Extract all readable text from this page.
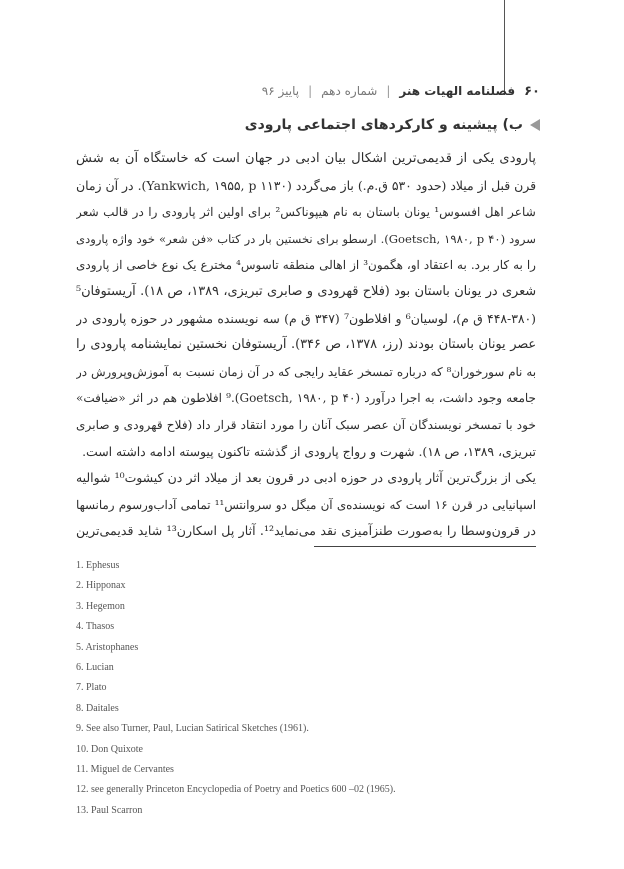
۶۰
فصلنامه الهیات هنر
|
شماره دهم
|
پاییز ۹۶
ب) پیشینه و کارکردهای اجتماعی پارودی
پارودی یکی از قدیمی‌ترین اشکال بیان ادبی در جهان است که خاستگاه آن به شش
قرن قبل از میلاد (حدود ۵۳۰ ق.م.) باز می‌گردد (Yankwich, ۱۹۵۵, p ۱۱۳۰). در آن زمان
شاعر اهل افسوس¹ یونان باستان به نام هیپوناکس² برای اولین اثر پارودی را در قالب شعر
سرود (Goetsch, ۱۹۸۰, p ۴۰). ارسطو برای نخستین بار در کتاب «فن شعر» خود واژه پارودی
را به کار برد. به اعتقاد او، هگمون³ از اهالی منطقه تاسوس⁴ مخترع یک نوع خاصی از پارودی
شعری در یونان باستان بود (فلاح قهرودی و صابری تبریزی، ۱۳۸۹، ص ۱۸). آریستوفان⁵
(۴۴۸-۳۸۰ ق م)، لوسیان⁶ و افلاطون⁷ (۳۴۷ ق م) سه نویسنده مشهور در حوزه پارودی در
عصر یونان باستان بودند (رز، ۱۳۷۸، ص ۳۴۶). آریستوفان نخستین نمایشنامه پارودی را
به نام سورخوران⁸ که درباره تمسخر عقاید رایجی که در آن زمان نسبت به آموزش‌وپرورش در
جامعه وجود داشت، به اجرا درآورد (Goetsch, ۱۹۸۰, p ۴۰).⁹ افلاطون هم در اثر «ضیافت»
خود با تمسخر نویسندگان آن عصر سبک آنان را مورد انتقاد قرار داد (فلاح قهرودی و صابری
تبریزی، ۱۳۸۹، ص ۱۸). شهرت و رواج پارودی از گذشته تاکنون پیوسته ادامه داشته است.
یکی از بزرگ‌ترین آثار پارودی در حوزه ادبی در قرون بعد از میلاد اثر دن کیشوت¹⁰ شوالیه
اسپانیایی در قرن ۱۶ است که نویسنده‌ی آن میگل دو سروانتس¹¹ تمامی آداب‌ورسوم رمانسها
در قرون‌وسطا را به‌صورت طنزآمیزی نقد می‌نماید¹². آثار پل اسکارن¹³ شاید قدیمی‌ترین
1. Ephesus
2. Hipponax
3. Hegemon
4. Thasos
5. Aristophanes
6. Lucian
7. Plato
8. Daitales
9. See also Turner, Paul, Lucian Satirical Sketches (1961).
10. Don Quixote
11. Miguel de Cervantes
12. see generally Princeton Encyclopedia of Poetry and Poetics 600 –02 (1965).
13. Paul Scarron
